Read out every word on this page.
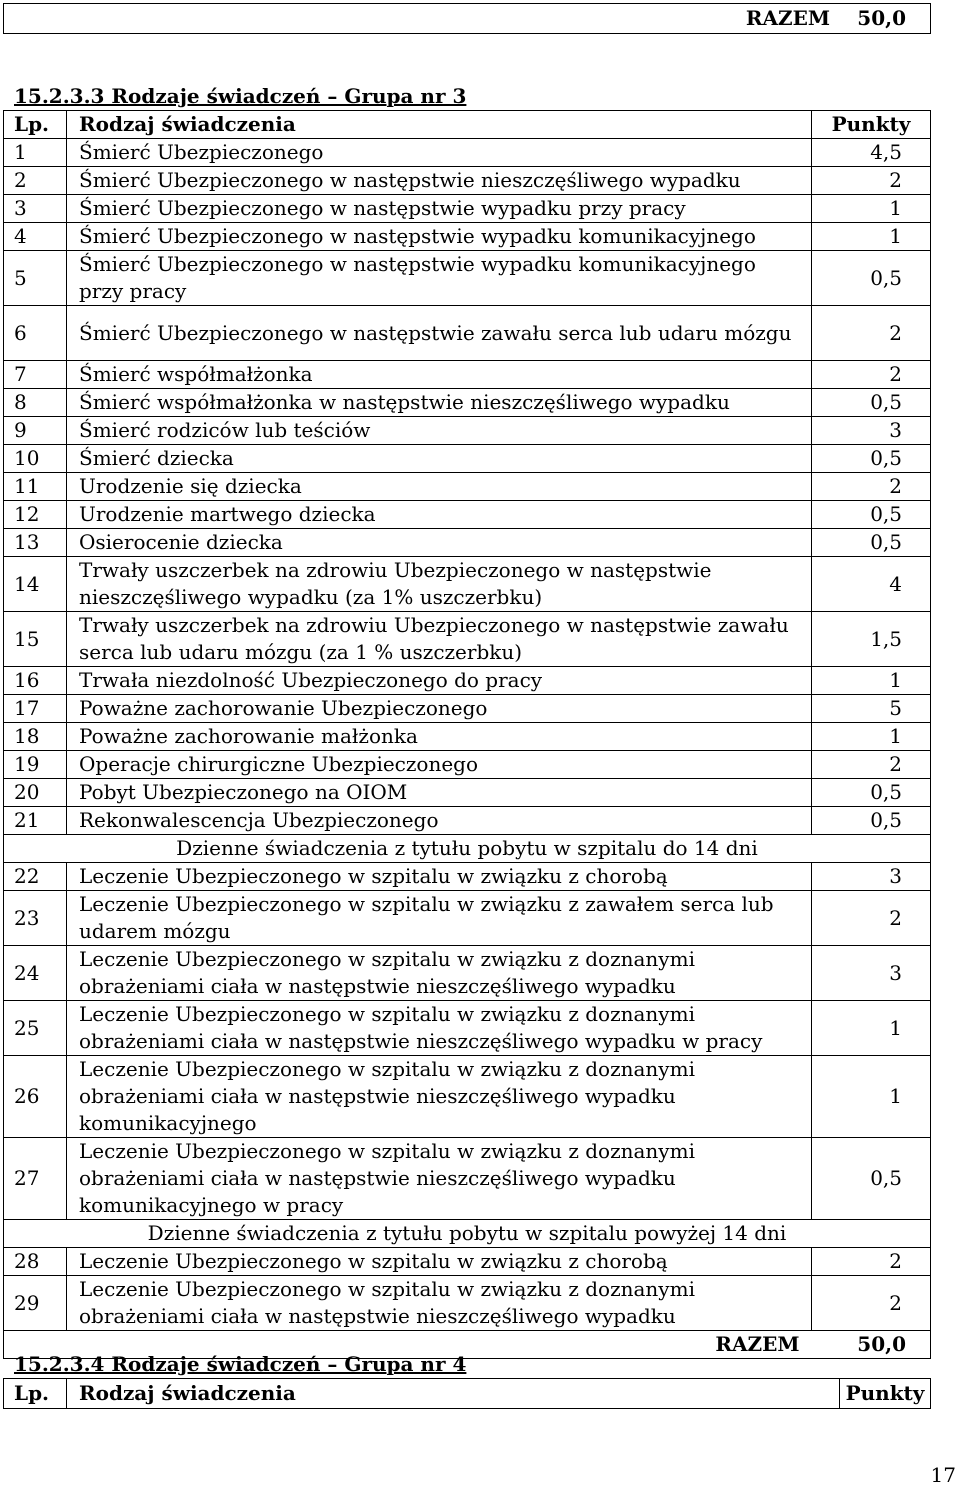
RAZEM	50,0
15.2.3.3 Rodzaje świadczeń – Grupa nr 3
Lp.	Rodzaj świadczenia	Punkty
1	Śmierć Ubezpieczonego	4,5
2	Śmierć Ubezpieczonego w następstwie nieszczęśliwego wypadku	2
3	Śmierć Ubezpieczonego w następstwie wypadku przy pracy	1
4	Śmierć Ubezpieczonego w następstwie wypadku komunikacyjnego	1
5	Śmierć Ubezpieczonego w następstwie wypadku komunikacyjnego przy pracy	0,5
6	Śmierć Ubezpieczonego w następstwie zawału serca lub udaru mózgu	2
7	Śmierć współmałżonka	2
8	Śmierć współmałżonka w następstwie nieszczęśliwego wypadku	0,5
9	Śmierć rodziców lub teściów	3
10	Śmierć dziecka	0,5
11	Urodzenie się dziecka	2
12	Urodzenie martwego dziecka	0,5
13	Osierocenie dziecka	0,5
14	Trwały uszczerbek na zdrowiu Ubezpieczonego w następstwie nieszczęśliwego wypadku (za 1% uszczerbku)	4
15	Trwały uszczerbek na zdrowiu Ubezpieczonego w następstwie zawału serca lub udaru mózgu (za 1 % uszczerbku)	1,5
16	Trwała niezdolność Ubezpieczonego do pracy	1
17	Poważne zachorowanie Ubezpieczonego	5
18	Poważne zachorowanie małżonka	1
19	Operacje chirurgiczne Ubezpieczonego	2
20	Pobyt Ubezpieczonego na OIOM	0,5
21	Rekonwalescencja Ubezpieczonego	0,5
Dzienne świadczenia z tytułu pobytu w szpitalu do 14 dni		
22	Leczenie Ubezpieczonego w szpitalu w związku z chorobą	3
23	Leczenie Ubezpieczonego w szpitalu w związku z zawałem serca lub udarem mózgu	2
24	Leczenie Ubezpieczonego w szpitalu w związku z doznanymi obrażeniami ciała w następstwie nieszczęśliwego wypadku	3
25	Leczenie Ubezpieczonego w szpitalu w związku z doznanymi obrażeniami ciała w następstwie nieszczęśliwego wypadku w pracy	1
26	Leczenie Ubezpieczonego w szpitalu w związku z doznanymi obrażeniami ciała w następstwie nieszczęśliwego wypadku komunikacyjnego	1
27	Leczenie Ubezpieczonego w szpitalu w związku z doznanymi obrażeniami ciała w następstwie nieszczęśliwego wypadku komunikacyjnego w pracy	0,5
Dzienne świadczenia z tytułu pobytu w szpitalu powyżej 14 dni		
28	Leczenie Ubezpieczonego w szpitalu w związku z chorobą	2
29	Leczenie Ubezpieczonego w szpitalu w związku z doznanymi obrażeniami ciała w następstwie nieszczęśliwego wypadku	2
RAZEM		50,0
15.2.3.4 Rodzaje świadczeń – Grupa nr 4
Lp.	Rodzaj świadczenia	Punkty
17
